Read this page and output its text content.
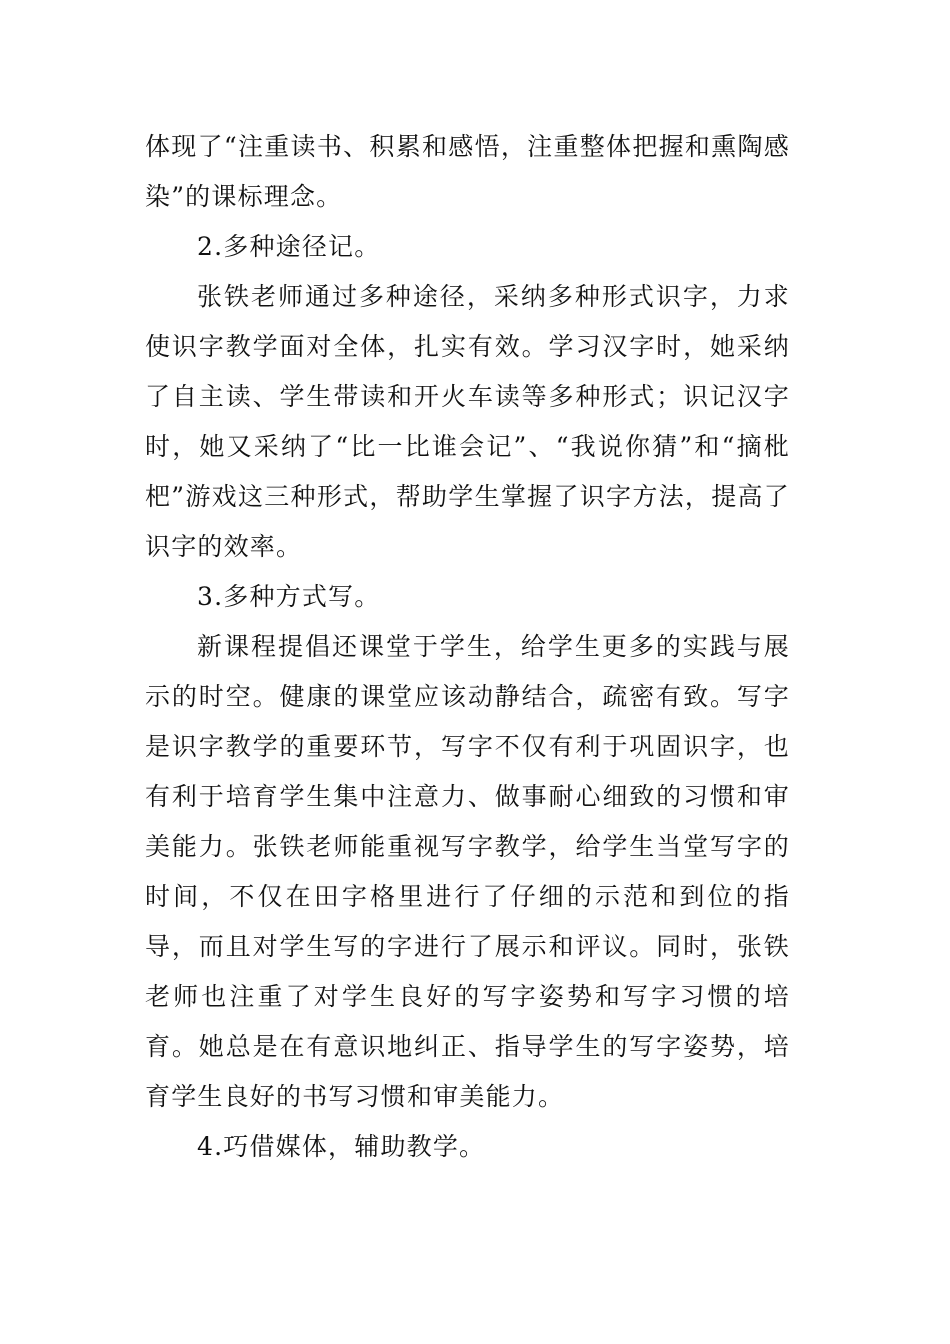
体现了“注重读书、积累和感悟，注重整体把握和熏陶感染”的课标理念。

2.多种途径记。

张铁老师通过多种途径，采纳多种形式识字，力求使识字教学面对全体，扎实有效。学习汉字时，她采纳了自主读、学生带读和开火车读等多种形式；识记汉字时，她又采纳了“比一比谁会记”、“我说你猜”和“摘枇杷”游戏这三种形式，帮助学生掌握了识字方法，提高了识字的效率。

3.多种方式写。

新课程提倡还课堂于学生，给学生更多的实践与展示的时空。健康的课堂应该动静结合，疏密有致。写字是识字教学的重要环节，写字不仅有利于巩固识字，也有利于培育学生集中注意力、做事耐心细致的习惯和审美能力。张铁老师能重视写字教学，给学生当堂写字的时间，不仅在田字格里进行了仔细的示范和到位的指导，而且对学生写的字进行了展示和评议。同时，张铁老师也注重了对学生良好的写字姿势和写字习惯的培育。她总是在有意识地纠正、指导学生的写字姿势，培育学生良好的书写习惯和审美能力。

4.巧借媒体，辅助教学。
